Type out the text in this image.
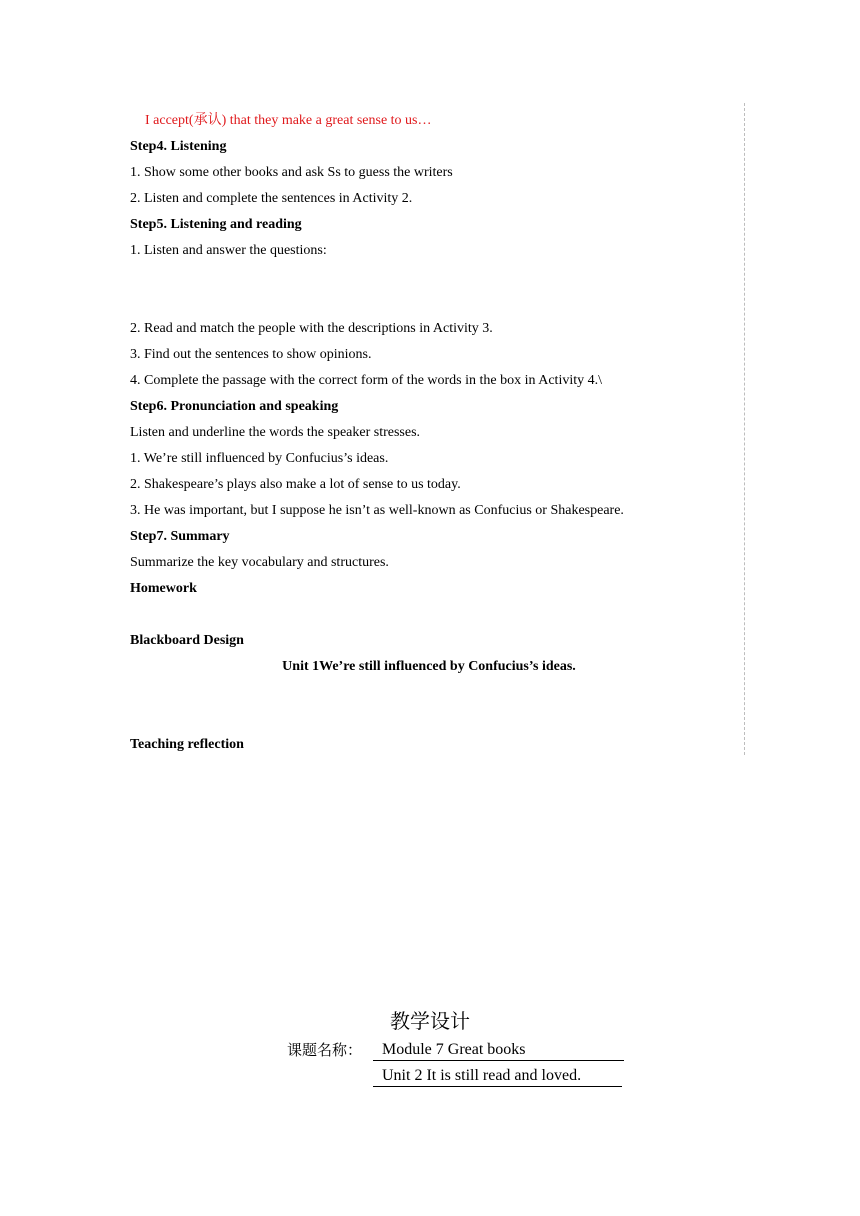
I accept(承认) that they make a great sense to us…
Step4. Listening
1. Show some other books and ask Ss to guess the writers
2. Listen and complete the sentences in Activity 2.
Step5. Listening and reading
1. Listen and answer the questions:
2. Read and match the people with the descriptions in Activity 3.
3. Find out the sentences to show opinions.
4. Complete the passage with the correct form of the words in the box in Activity 4.\
Step6. Pronunciation and speaking
Listen and underline the words the speaker stresses.
1. We’re still influenced by Confucius’s ideas.
2. Shakespeare’s plays also make a lot of sense to us today.
3. He was important, but I suppose he isn’t as well-known as Confucius or Shakespeare.
Step7. Summary
Summarize the key vocabulary and structures.
Homework
Blackboard Design
Unit 1We’re still influenced by Confucius’s ideas.
Teaching reflection
教学设计
课题名称：	Module 7 Great books
Unit 2 It is still read and loved.
